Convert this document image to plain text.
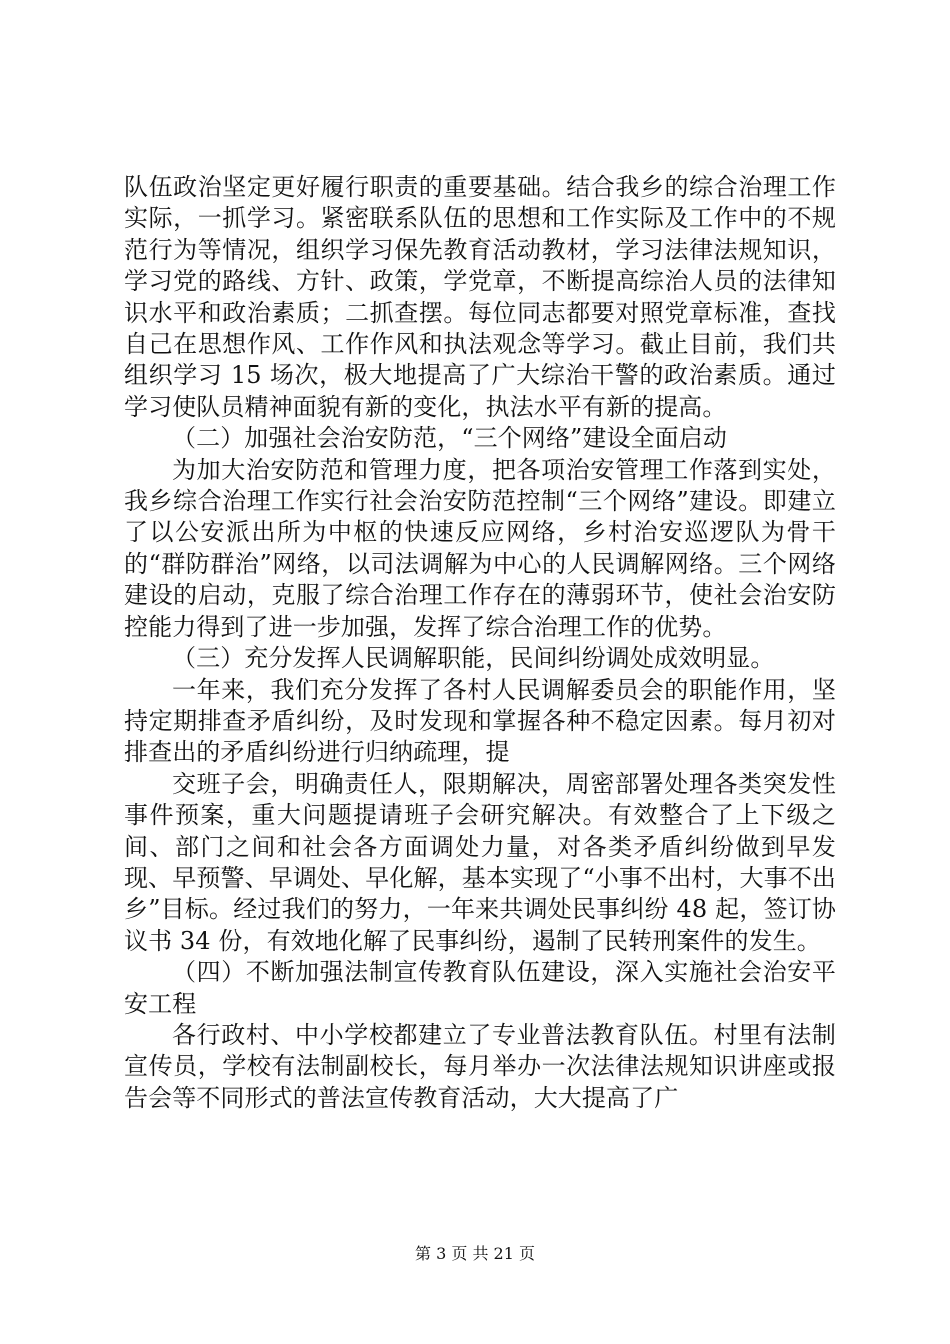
队伍政治坚定更好履行职责的重要基础。结合我乡的综合治理工作实际，一抓学习。紧密联系队伍的思想和工作实际及工作中的不规范行为等情况，组织学习保先教育活动教材，学习法律法规知识，学习党的路线、方针、政策，学党章，不断提高综治人员的法律知识水平和政治素质；二抓查摆。每位同志都要对照党章标准，查找自己在思想作风、工作作风和执法观念等学习。截止目前，我们共组织学习 15 场次，极大地提高了广大综治干警的政治素质。通过学习使队员精神面貌有新的变化，执法水平有新的提高。

（二）加强社会治安防范，“三个网络”建设全面启动

为加大治安防范和管理力度，把各项治安管理工作落到实处，我乡综合治理工作实行社会治安防范控制“三个网络”建设。即建立了以公安派出所为中枢的快速反应网络，乡村治安巡逻队为骨干的“群防群治”网络，以司法调解为中心的人民调解网络。三个网络建设的启动，克服了综合治理工作存在的薄弱环节，使社会治安防控能力得到了进一步加强，发挥了综合治理工作的优势。

（三）充分发挥人民调解职能，民间纠纷调处成效明显。

一年来，我们充分发挥了各村人民调解委员会的职能作用，坚持定期排查矛盾纠纷，及时发现和掌握各种不稳定因素。每月初对排查出的矛盾纠纷进行归纳疏理，提

交班子会，明确责任人，限期解决，周密部署处理各类突发性事件预案，重大问题提请班子会研究解决。有效整合了上下级之间、部门之间和社会各方面调处力量，对各类矛盾纠纷做到早发现、早预警、早调处、早化解，基本实现了“小事不出村，大事不出乡”目标。经过我们的努力，一年来共调处民事纠纷 48 起，签订协议书 34 份，有效地化解了民事纠纷，遏制了民转刑案件的发生。

（四）不断加强法制宣传教育队伍建设，深入实施社会治安平安工程

各行政村、中小学校都建立了专业普法教育队伍。村里有法制宣传员，学校有法制副校长，每月举办一次法律法规知识讲座或报告会等不同形式的普法宣传教育活动，大大提高了广

第 3 页 共 21 页
